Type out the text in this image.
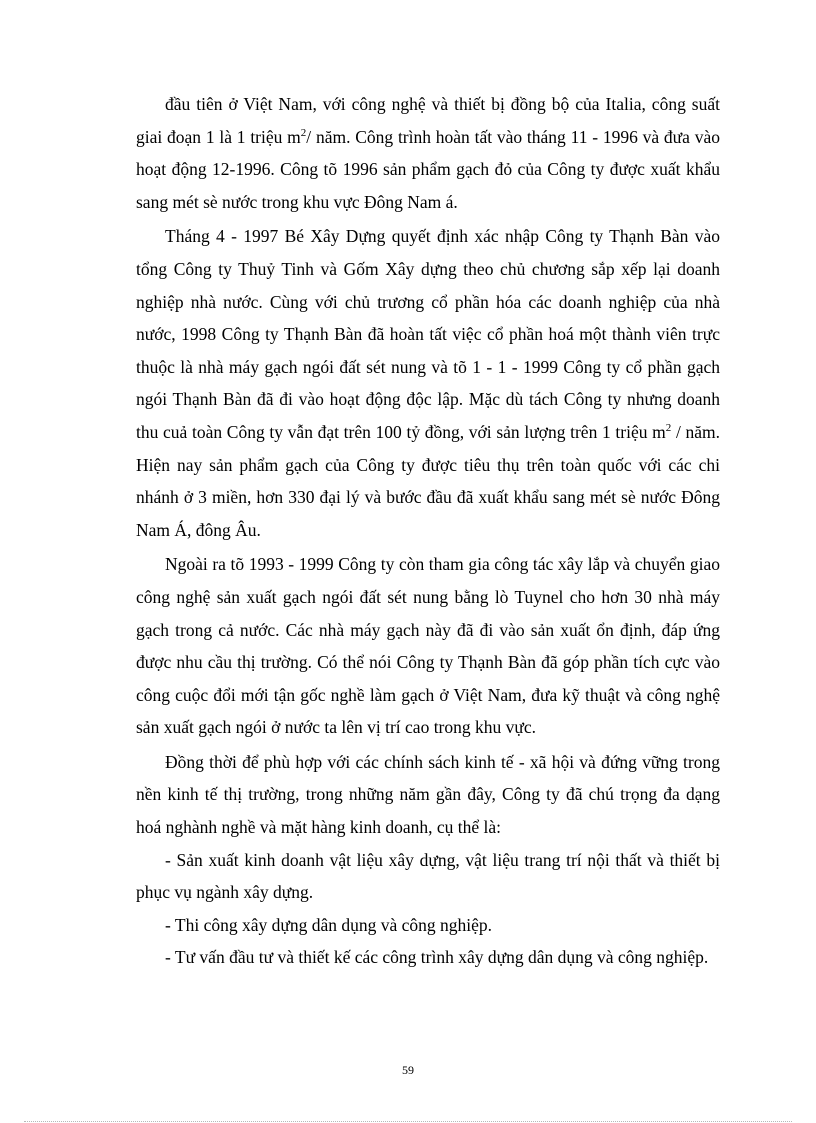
đầu tiên ở Việt Nam, với công nghệ và thiết bị đồng bộ của Italia, công suất giai đoạn 1 là 1 triệu $m^2/$ năm. Công trình hoàn tất vào tháng 11 - 1996 và đưa vào hoạt động 12-1996. Công tõ 1996 sản phẩm gạch đỏ của Công ty được xuất khẩu sang mét sè nước trong khu vực Đông Nam á.

Tháng 4 - 1997 Bé Xây Dựng quyết định xác nhập Công ty Thạnh Bàn vào tổng Công ty Thuỷ Tinh và Gốm Xây dựng theo chủ chương sắp xếp lại doanh nghiệp nhà nước. Cùng với chủ trương cổ phần hóa các doanh nghiệp của nhà nước, 1998 Công ty Thạnh Bàn đã hoàn tất việc cổ phần hoá một thành viên trực thuộc là nhà máy gạch ngói đất sét nung và tõ 1 - 1 - 1999 Công ty cổ phần gạch ngói Thạnh Bàn đã đi vào hoạt động độc lập. Mặc dù tách Công ty nhưng doanh thu cuả toàn Công ty vẫn đạt trên 100 tỷ đồng, với sản lượng trên 1 triệu $m^2$ / năm. Hiện nay sản phẩm gạch của Công ty được tiêu thụ trên toàn quốc với các chi nhánh ở 3 miền, hơn 330 đại lý và bước đầu đã xuất khẩu sang mét sè nước Đông Nam Á, đông Âu.

Ngoài ra tõ 1993 - 1999 Công ty còn tham gia công tác xây lắp và chuyển giao công nghệ sản xuất gạch ngói đất sét nung bằng lò Tuynel cho hơn 30 nhà máy gạch trong cả nước. Các nhà máy gạch này đã đi vào sản xuất ổn định, đáp ứng được nhu cầu thị trường. Có thể nói Công ty Thạnh Bàn đã góp phần tích cực vào công cuộc đổi mới tận gốc nghề làm gạch ở Việt Nam, đưa kỹ thuật và công nghệ sản xuất gạch ngói ở nước ta lên vị trí cao trong khu vực.

Đồng thời để phù hợp với các chính sách kinh tế - xã hội và đứng vững trong nền kinh tế thị trường, trong những năm gần đây, Công ty đã chú trọng đa dạng hoá nghành nghề và mặt hàng kinh doanh, cụ thể là:

- Sản xuất kinh doanh vật liệu xây dựng, vật liệu trang trí nội thất và thiết bị phục vụ ngành xây dựng.

- Thi công xây dựng dân dụng và công nghiệp.

- Tư vấn đầu tư và thiết kế các công trình xây dựng dân dụng và công nghiệp.

59
